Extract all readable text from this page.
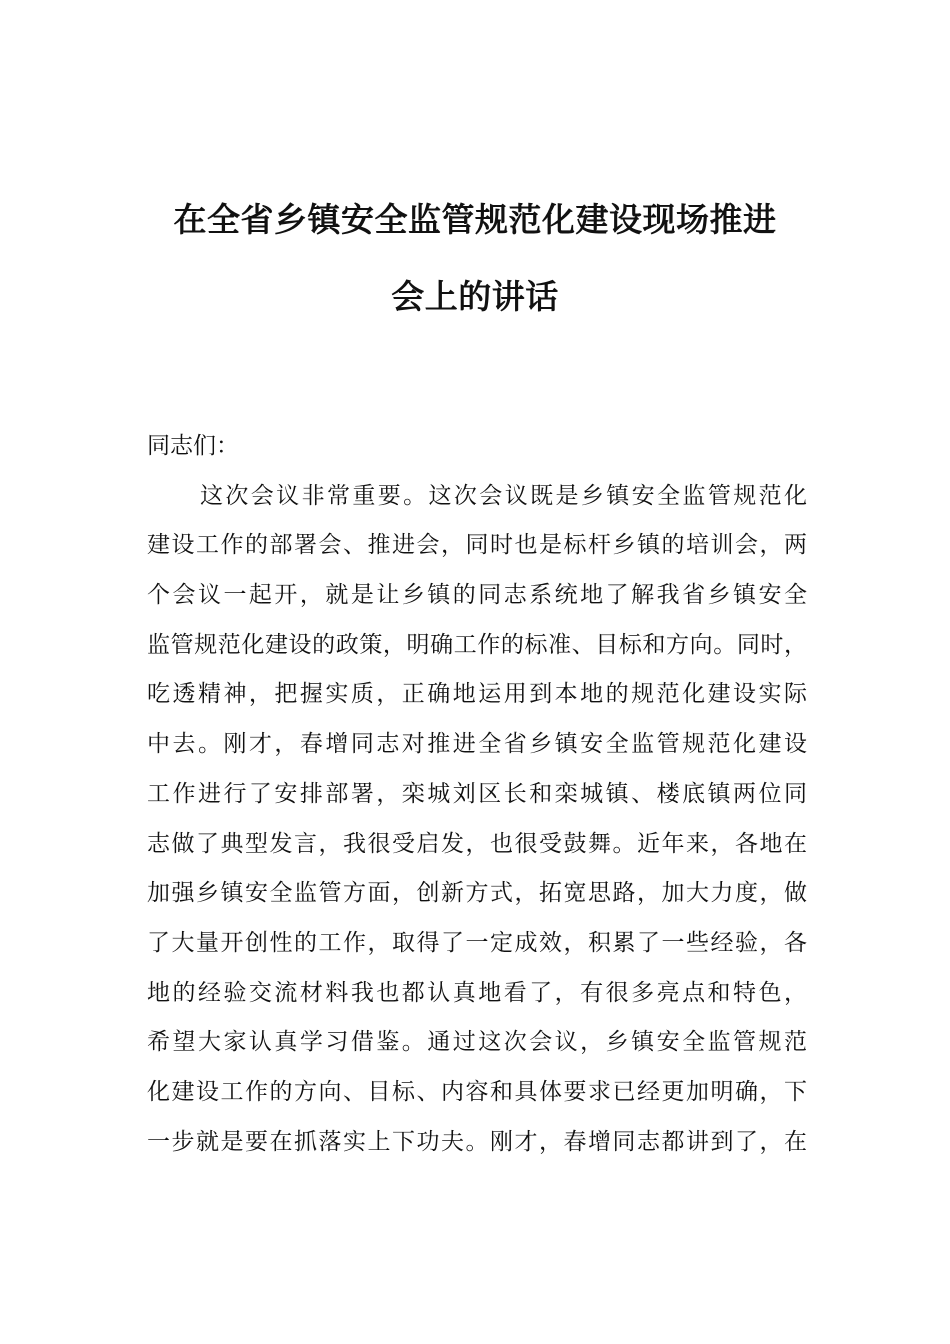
在全省乡镇安全监管规范化建设现场推进
会上的讲话
同志们：
这次会议非常重要。这次会议既是乡镇安全监管规范化
建设工作的部署会、推进会，同时也是标杆乡镇的培训会，两
个会议一起开，就是让乡镇的同志系统地了解我省乡镇安全
监管规范化建设的政策，明确工作的标准、目标和方向。同时，
吃透精神，把握实质，正确地运用到本地的规范化建设实际
中去。刚才，春增同志对推进全省乡镇安全监管规范化建设
工作进行了安排部署，栾城刘区长和栾城镇、楼底镇两位同
志做了典型发言，我很受启发，也很受鼓舞。近年来，各地在
加强乡镇安全监管方面，创新方式，拓宽思路，加大力度，做
了大量开创性的工作，取得了一定成效，积累了一些经验，各
地的经验交流材料我也都认真地看了，有很多亮点和特色，
希望大家认真学习借鉴。通过这次会议，乡镇安全监管规范
化建设工作的方向、目标、内容和具体要求已经更加明确，下
一步就是要在抓落实上下功夫。刚才，春增同志都讲到了，在
